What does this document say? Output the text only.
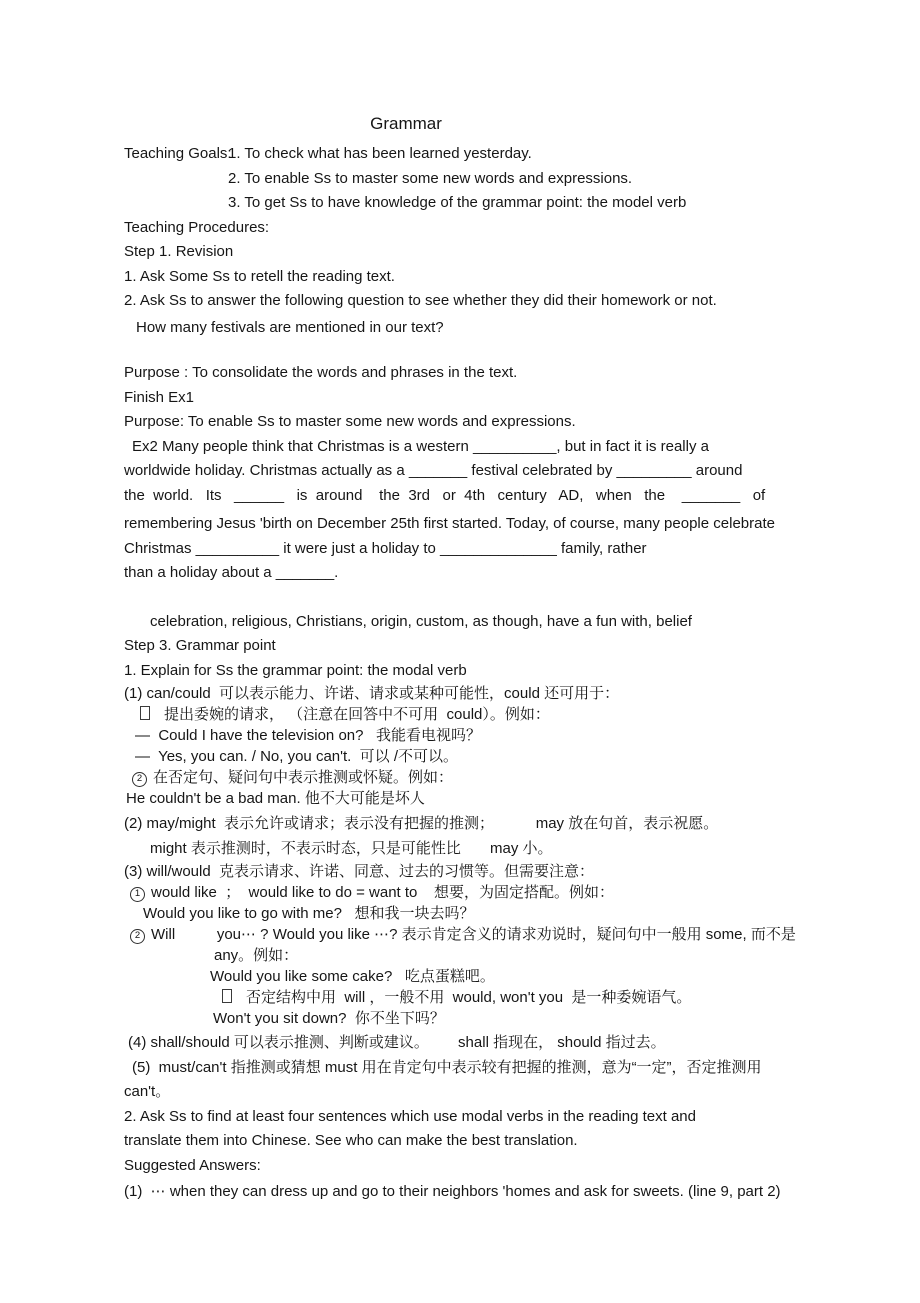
Grammar
Teaching Goals:1. To check what has been learned yesterday.
2. To enable Ss to master some new words and expressions.
3. To get Ss to have knowledge of the grammar point: the model verb
Teaching Procedures:
Step 1. Revision
1. Ask Some Ss to retell the reading text.
2. Ask Ss to answer the following question to see whether they did their homework or not.
How many festivals are mentioned in our text?
Purpose : To consolidate the words and phrases in the text.
Finish Ex1
Purpose: To enable Ss to master some new words and expressions.
Ex2 Many people think that Christmas is a western __________, but in fact it is really a
worldwide holiday. Christmas actually as a _______ festival celebrated by _________ around
the  world.   Its   ______   is  around    the  3rd   or  4th   century   AD,   when   the    _______   of
remembering Jesus 'birth on December 25th first started. Today, of course, many people celebrate
Christmas __________ it were just a holiday to ______________ family, rather
than a holiday about a _______.
celebration, religious, Christians, origin, custom, as though, have a fun with, belief
Step 3. Grammar point
1. Explain for Ss the grammar point: the modal verb
(1) can/could  可以表示能力、许诺、请求或某种可能性，could 还可用于：
提出委婉的请求， （注意在回答中不可用  could）。例如：
—  Could I have the television on?   我能看电视吗？
—  Yes, you can. / No, you can't.  可以 /不可以。
2 在否定句、疑问句中表示推测或怀疑。例如：
He couldn't be a bad man. 他不大可能是坏人
(2) may/might  表示允许或请求；表示没有把握的推测；          may 放在句首，表示祝愿。
might 表示推测时，不表示时态，只是可能性比       may 小。
(3) will/would  克表示请求、许诺、同意、过去的习惯等。但需要注意：
1 would like  ；  would like to do = want to    想要，为固定搭配。例如：
Would you like to go with me?   想和我一块去吗？
2 Will          you⋯ ? Would you like ⋯? 表示肯定含义的请求劝说时，疑问句中一般用 some, 而不是
any。例如：
Would you like some cake?   吃点蛋糕吧。
否定结构中用  will ，一般不用  would, won't you  是一种委婉语气。
Won't you sit down?  你不坐下吗？
(4) shall/should 可以表示推测、判断或建议。       shall 指现在， should 指过去。
(5)  must/can't 指推测或猜想 must 用在肯定句中表示较有把握的推测，意为“一定”，否定推测用
can't。
2. Ask Ss to find at least four sentences which use modal verbs in the reading text and
translate them into Chinese. See who can make the best translation.
Suggested Answers:
(1)  ⋯ when they can dress up and go to their neighbors 'homes and ask for sweets. (line 9, part 2)
